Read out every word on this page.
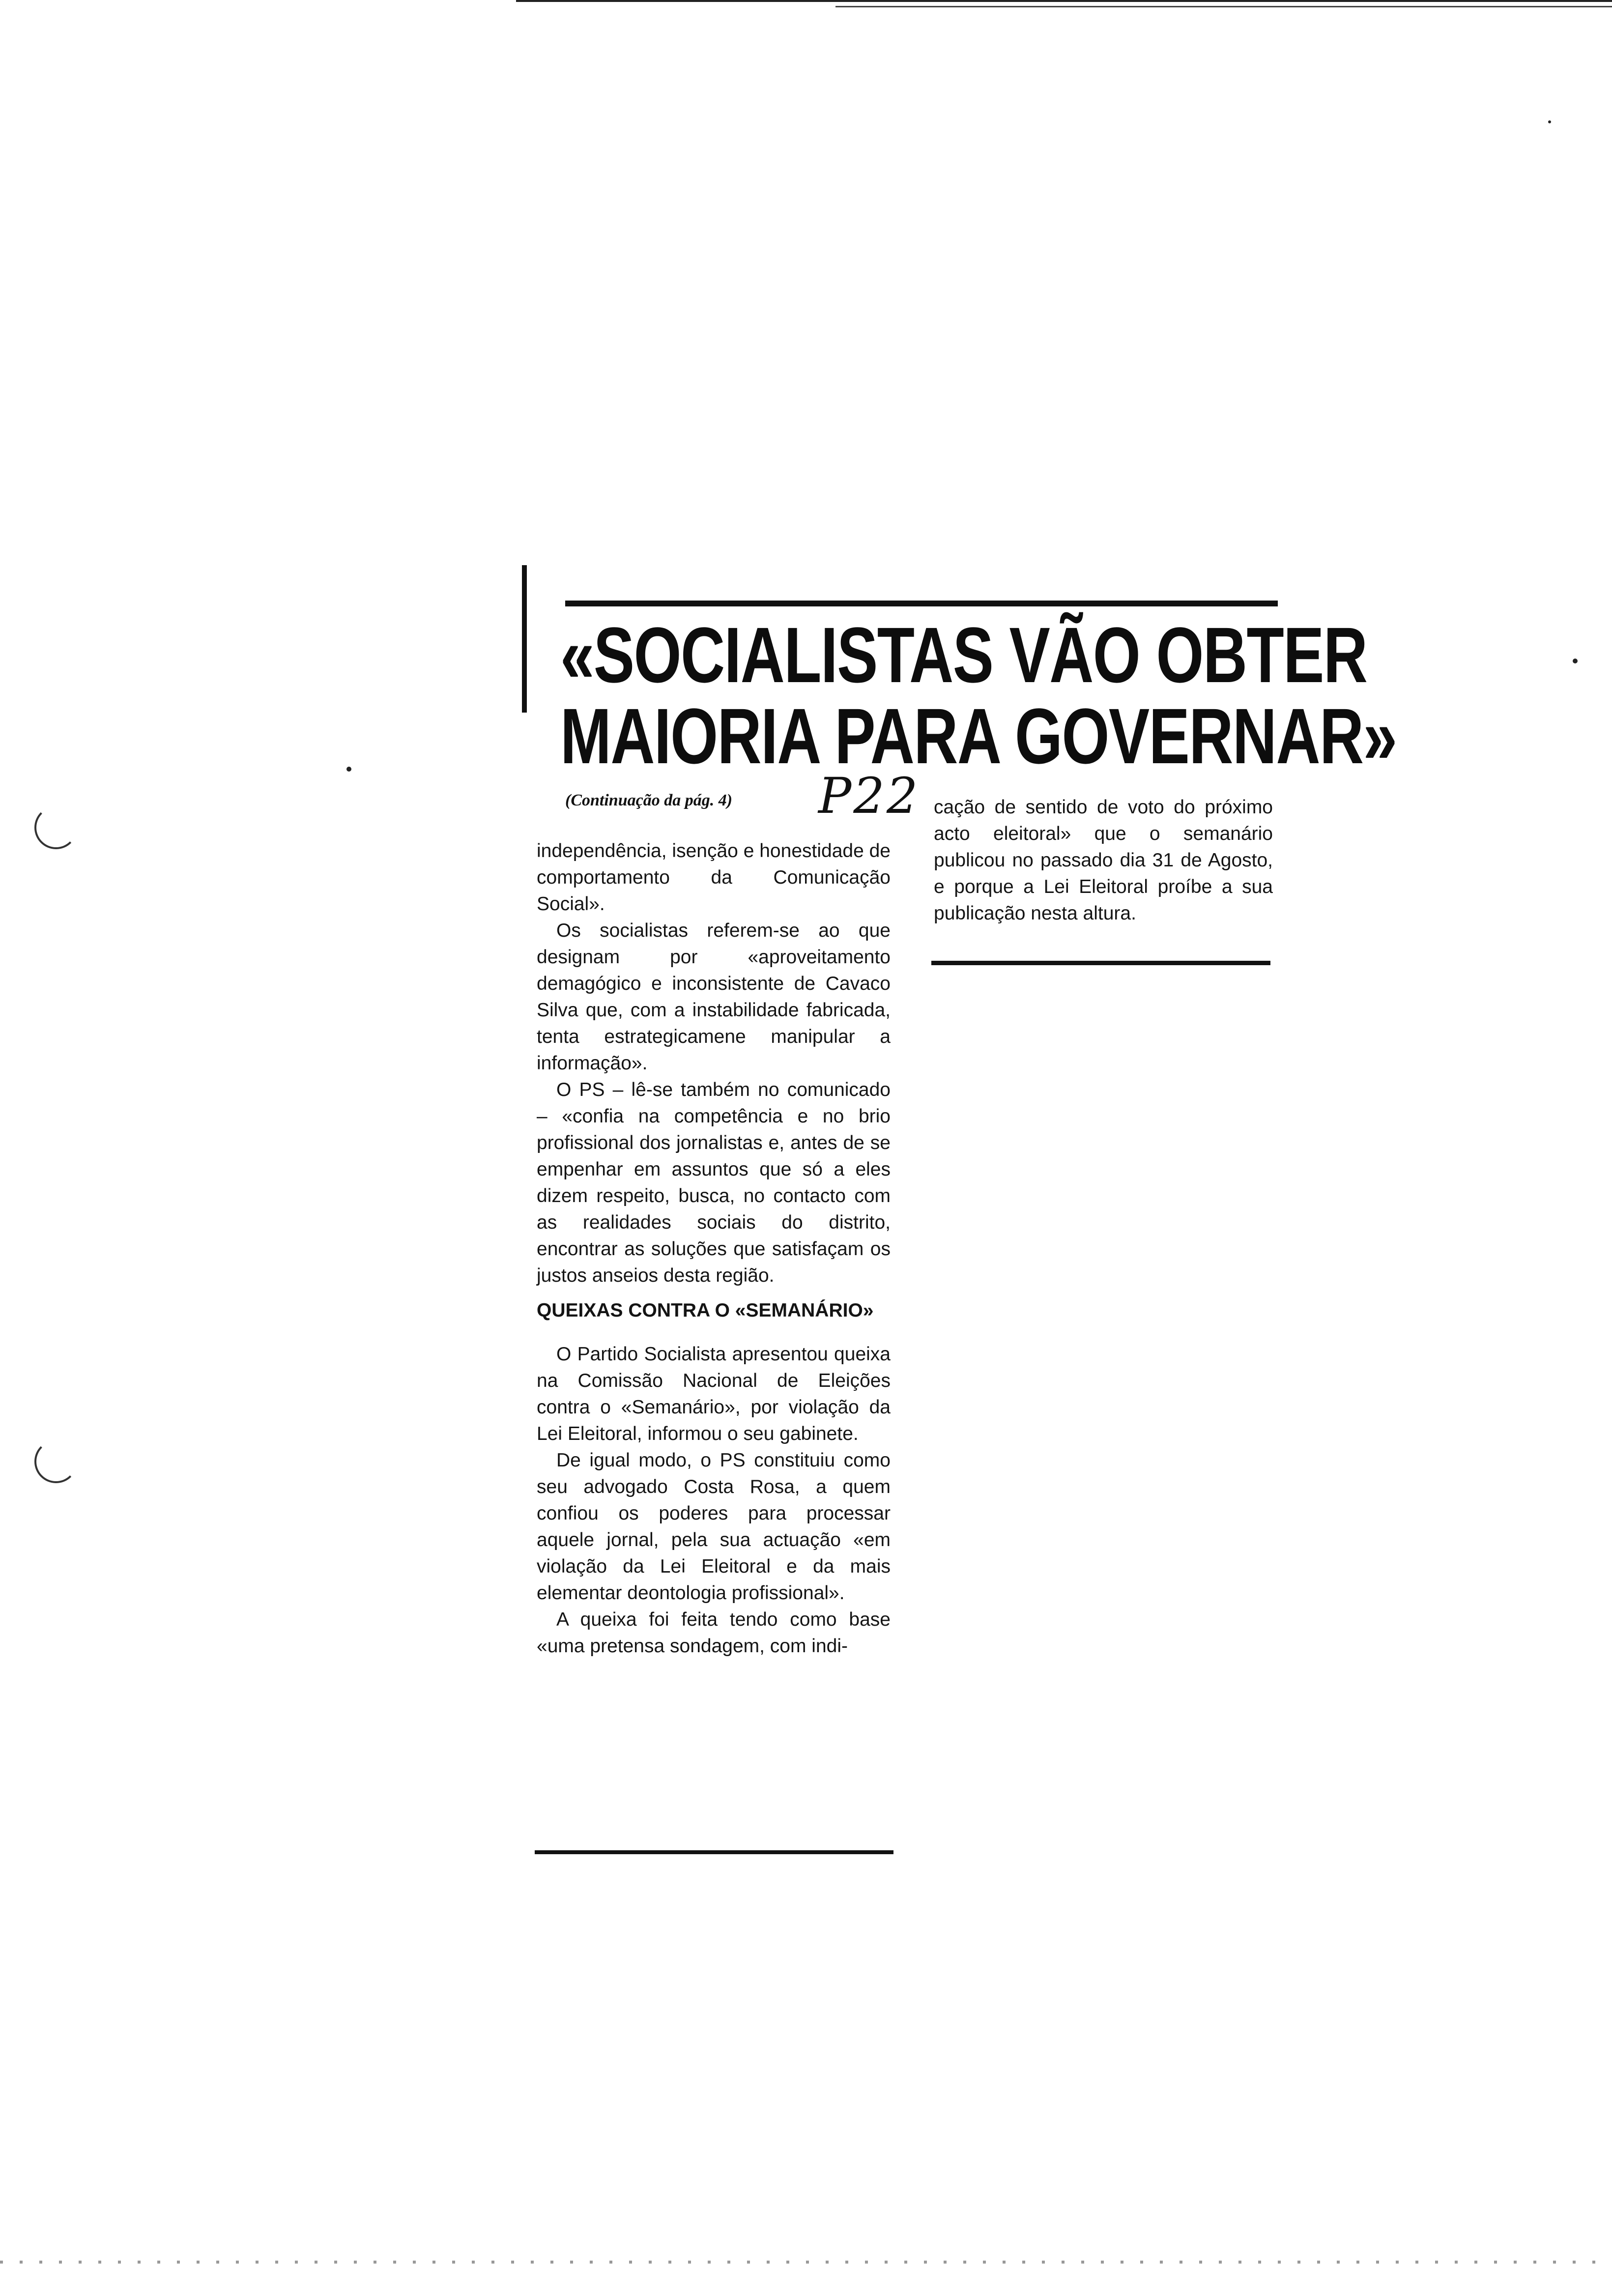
«SOCIALISTAS VÃO OBTER
MAIORIA PARA GOVERNAR»
(Continuação da pág. 4) P22

independência, isenção e honestidade de comportamento da Comunicação Social».

Os socialistas referem-se ao que designam por «aproveitamento demagógico e inconsistente de Cavaco Silva que, com a instabilidade fabricada, tenta estrategicamene manipular a informação».

O PS – lê-se também no comunicado – «confia na competência e no brio profissional dos jornalistas e, antes de se empenhar em assuntos que só a eles dizem respeito, busca, no contacto com as realidades sociais do distrito, encontrar as soluções que satisfaçam os justos anseios desta região.

QUEIXAS CONTRA O «SEMANÁRIO»

O Partido Socialista apresentou queixa na Comissão Nacional de Eleições contra o «Semanário», por violação da Lei Eleitoral, informou o seu gabinete.

De igual modo, o PS constituiu como seu advogado Costa Rosa, a quem confiou os poderes para processar aquele jornal, pela sua actuação «em violação da Lei Eleitoral e da mais elementar deontologia profissional».

A queixa foi feita tendo como base «uma pretensa sondagem, com indi-

cação de sentido de voto do próximo acto eleitoral» que o semanário publicou no passado dia 31 de Agosto, e porque a Lei Eleitoral proíbe a sua publicação nesta altura.
